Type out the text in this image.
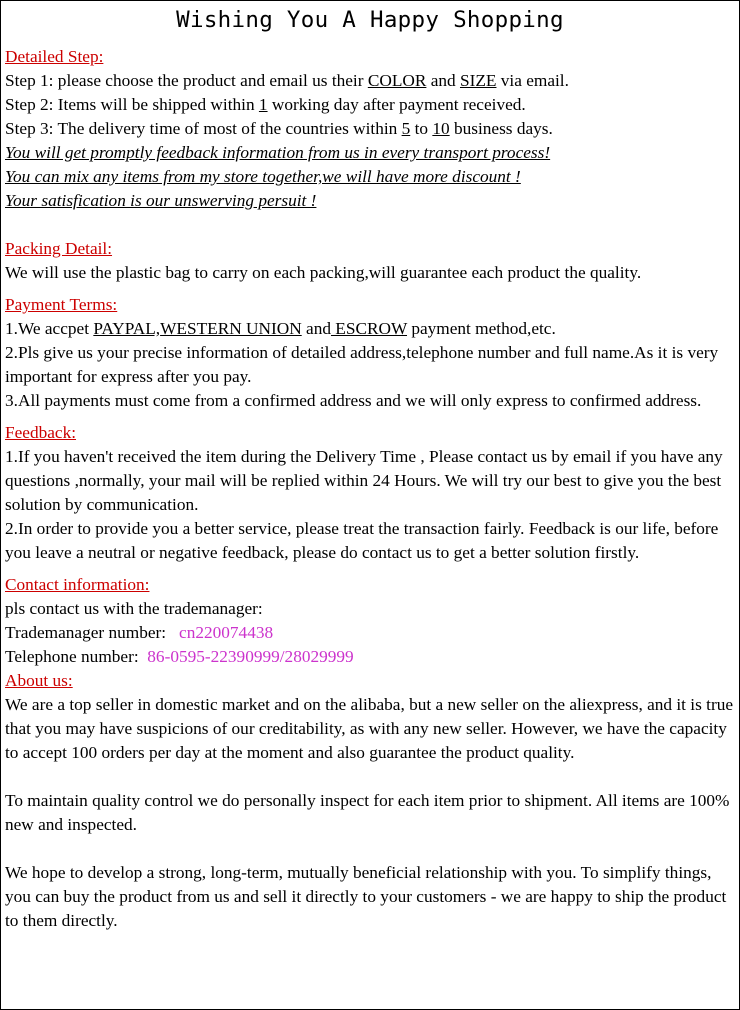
Wishing You A Happy Shopping
Detailed Step:
Step 1: please choose the product and email us their COLOR and SIZE via email.
Step 2: Items will be shipped within 1 working day after payment received.
Step 3: The delivery time of most of the countries within 5 to 10 business days.
You will get promptly feedback information from us in every transport process!
You can mix any items from my store together,we will have more discount !
Your satisfication is our unswerving persuit !
Packing Detail:
We will use the plastic bag to carry on each packing,will guarantee each product the quality.
Payment Terms:
1.We accpet PAYPAL,WESTERN UNION and ESCROW payment method,etc.
2.Pls give us your precise information of detailed address,telephone number and full name.As it is very important for express after you pay.
3.All payments must come from a confirmed address and we will only express to confirmed address.
Feedback:
1.If you haven't received the item during the Delivery Time , Please contact us by email if you have any questions ,normally, your mail will be replied within 24 Hours. We will try our best to give you the best solution by communication.
2.In order to provide you a better service, please treat the transaction fairly. Feedback is our life, before you leave a neutral or negative feedback, please do contact us to get a better solution firstly.
Contact information:
pls contact us with the trademanager:
Trademanager number:   cn220074438
Telephone number:  86-0595-22390999/28029999
About us:
We are a top seller in domestic market and on the alibaba, but a new seller on the aliexpress, and it is true that you may have suspicions of our creditability, as with any new seller. However, we have the capacity to accept 100 orders per day at the moment and also guarantee the product quality.
To maintain quality control we do personally inspect for each item prior to shipment. All items are 100% new and inspected.
We hope to develop a strong, long-term, mutually beneficial relationship with you. To simplify things, you can buy the product from us and sell it directly to your customers - we are happy to ship the product to them directly.
